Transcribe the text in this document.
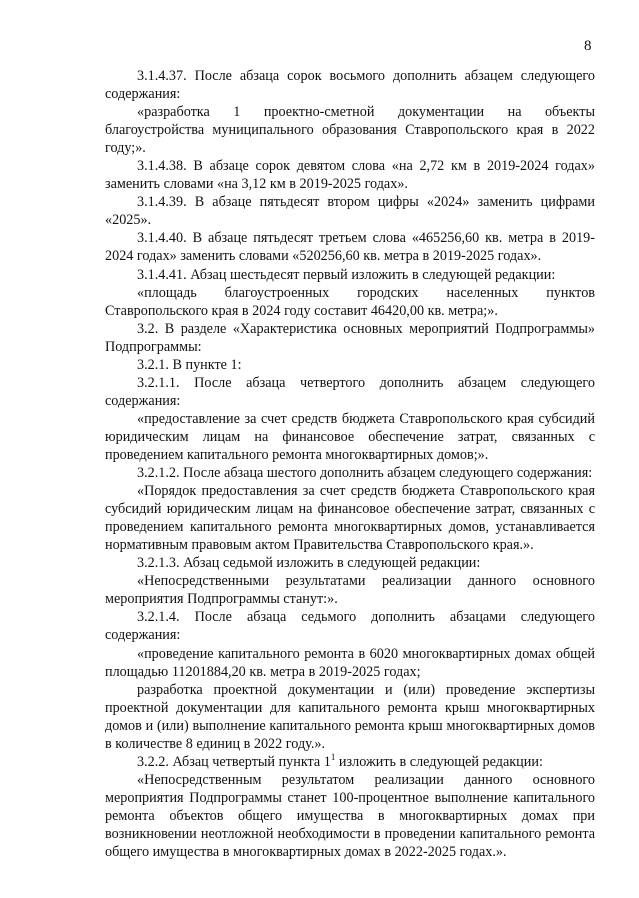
8

3.1.4.37. После абзаца сорок восьмого дополнить абзацем следующего содержания:

«разработка 1 проектно-сметной документации на объекты благоустройства муниципального образования Ставропольского края в 2022 году;».

3.1.4.38. В абзаце сорок девятом слова «на 2,72 км в 2019-2024 годах» заменить словами «на 3,12 км в 2019-2025 годах».

3.1.4.39. В абзаце пятьдесят втором цифры «2024» заменить цифрами «2025».

3.1.4.40. В абзаце пятьдесят третьем слова «465256,60 кв. метра в 2019-2024 годах» заменить словами «520256,60 кв. метра в 2019-2025 годах».

3.1.4.41. Абзац шестьдесят первый изложить в следующей редакции:

«площадь благоустроенных городских населенных пунктов Ставропольского края в 2024 году составит 46420,00 кв. метра;».

3.2. В разделе «Характеристика основных мероприятий Подпрограммы» Подпрограммы:

3.2.1. В пункте 1:

3.2.1.1. После абзаца четвертого дополнить абзацем следующего содержания:

«предоставление за счет средств бюджета Ставропольского края субсидий юридическим лицам на финансовое обеспечение затрат, связанных с проведением капитального ремонта многоквартирных домов;».

3.2.1.2. После абзаца шестого дополнить абзацем следующего содержания:

«Порядок предоставления за счет средств бюджета Ставропольского края субсидий юридическим лицам на финансовое обеспечение затрат, связанных с проведением капитального ремонта многоквартирных домов, устанавливается нормативным правовым актом Правительства Ставропольского края.».

3.2.1.3. Абзац седьмой изложить в следующей редакции:

«Непосредственными результатами реализации данного основного мероприятия Подпрограммы станут:».

3.2.1.4. После абзаца седьмого дополнить абзацами следующего содержания:

«проведение капитального ремонта в 6020 многоквартирных домах общей площадью 11201884,20 кв. метра в 2019-2025 годах;

разработка проектной документации и (или) проведение экспертизы проектной документации для капитального ремонта крыш многоквартирных домов и (или) выполнение капитального ремонта крыш многоквартирных домов в количестве 8 единиц в 2022 году.».

3.2.2. Абзац четвертый пункта $1^1$ изложить в следующей редакции:

«Непосредственным результатом реализации данного основного мероприятия Подпрограммы станет 100-процентное выполнение капитального ремонта объектов общего имущества в многоквартирных домах при возникновении неотложной необходимости в проведении капитального ремонта общего имущества в многоквартирных домах в 2022-2025 годах.».
